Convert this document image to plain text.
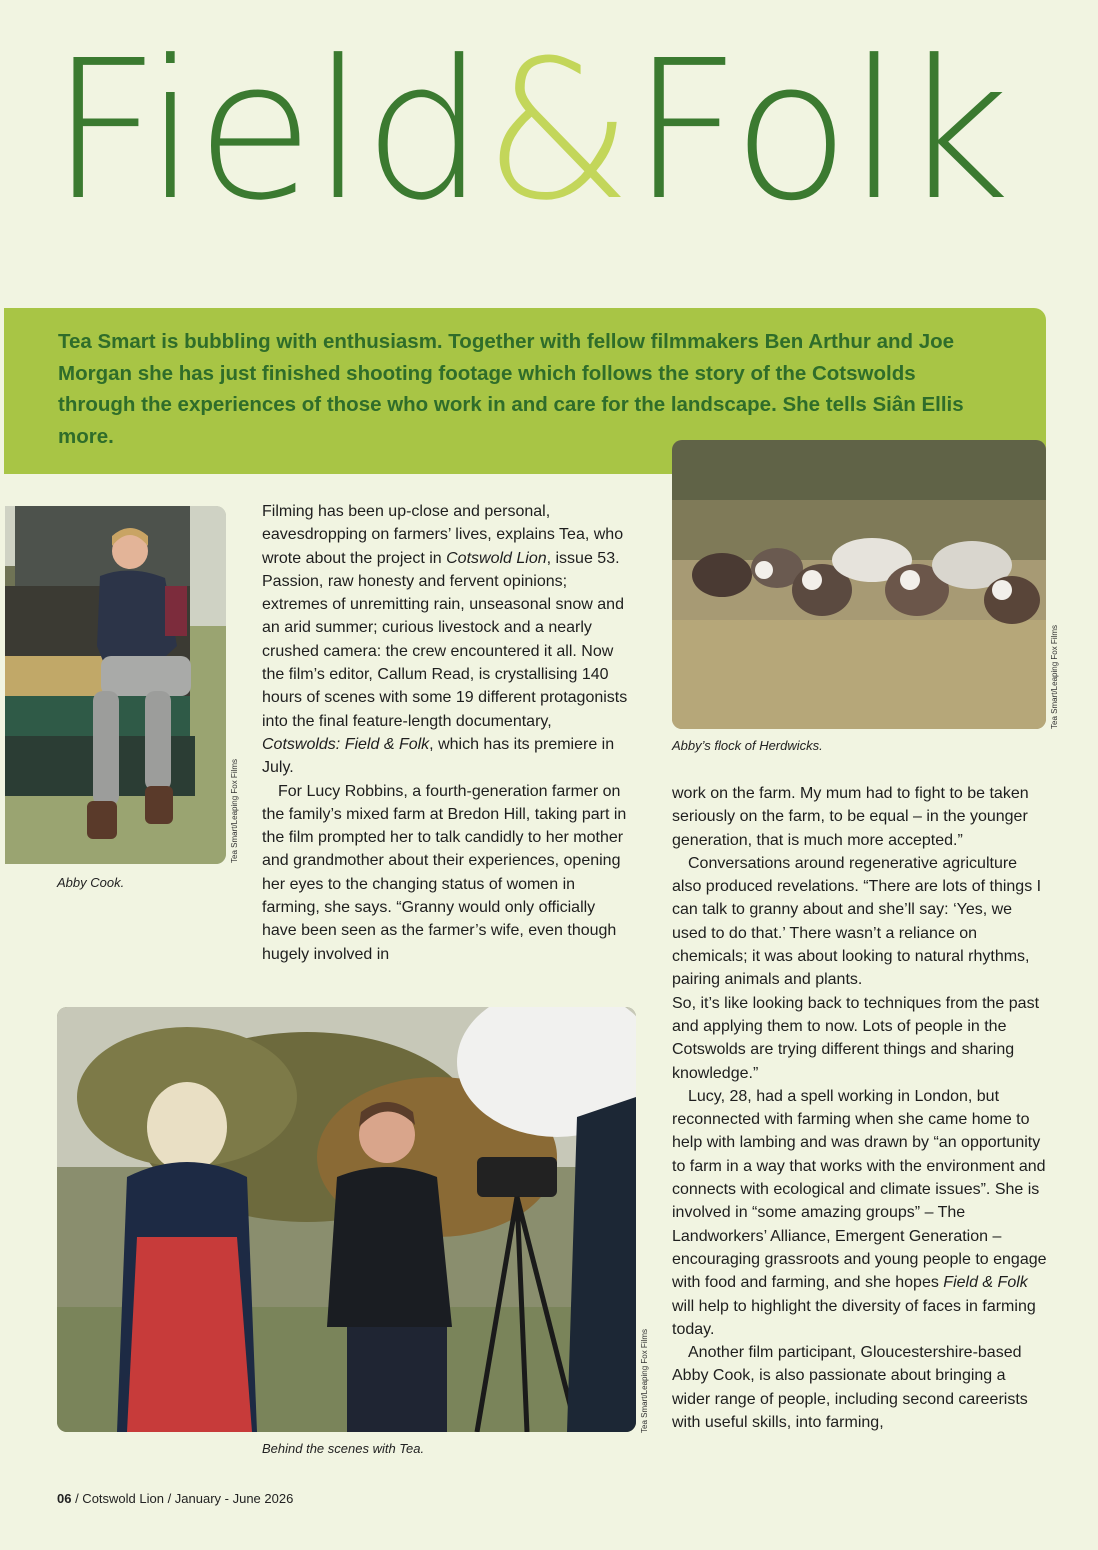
Field&Folk

Tea Smart is bubbling with enthusiasm. Together with fellow filmmakers Ben Arthur and Joe Morgan she has just finished shooting footage which follows the story of the Cotswolds through the experiences of those who work in and care for the landscape. She tells Siân Ellis more.

Tea Smart/Leaping Fox Films
Abby Cook.
Tea Smart/Leaping Fox Films
Abby’s flock of Herdwicks.
Tea Smart/Leaping Fox Films
Behind the scenes with Tea.

Filming has been up-close and personal, eavesdropping on farmers’ lives, explains Tea, who wrote about the project in Cotswold Lion, issue 53. Passion, raw honesty and fervent opinions; extremes of unremitting rain, unseasonal snow and an arid summer; curious livestock and a nearly crushed camera: the crew encountered it all. Now the film’s editor, Callum Read, is crystallising 140 hours of scenes with some 19 different protagonists into the final feature-length documentary, Cotswolds: Field & Folk, which has its premiere in July.

For Lucy Robbins, a fourth-generation farmer on the family’s mixed farm at Bredon Hill, taking part in the film prompted her to talk candidly to her mother and grandmother about their experiences, opening her eyes to the changing status of women in farming, she says. “Granny would only officially have been seen as the farmer’s wife, even though hugely involved in

work on the farm. My mum had to fight to be taken seriously on the farm, to be equal – in the younger generation, that is much more accepted.”

Conversations around regenerative agriculture also produced revelations. “There are lots of things I can talk to granny about and she’ll say: ‘Yes, we used to do that.’ There wasn’t a reliance on chemicals; it was about looking to natural rhythms, pairing animals and plants.

So, it’s like looking back to techniques from the past and applying them to now. Lots of people in the Cotswolds are trying different things and sharing knowledge.”

Lucy, 28, had a spell working in London, but reconnected with farming when she came home to help with lambing and was drawn by “an opportunity to farm in a way that works with the environment and connects with ecological and climate issues”. She is involved in “some amazing groups” – The Landworkers’ Alliance, Emergent Generation – encouraging grassroots and young people to engage with food and farming, and she hopes Field & Folk will help to highlight the diversity of faces in farming today.

Another film participant, Gloucestershire-based Abby Cook, is also passionate about bringing a wider range of people, including second careerists with useful skills, into farming,

06 / Cotswold Lion / January - June 2026
